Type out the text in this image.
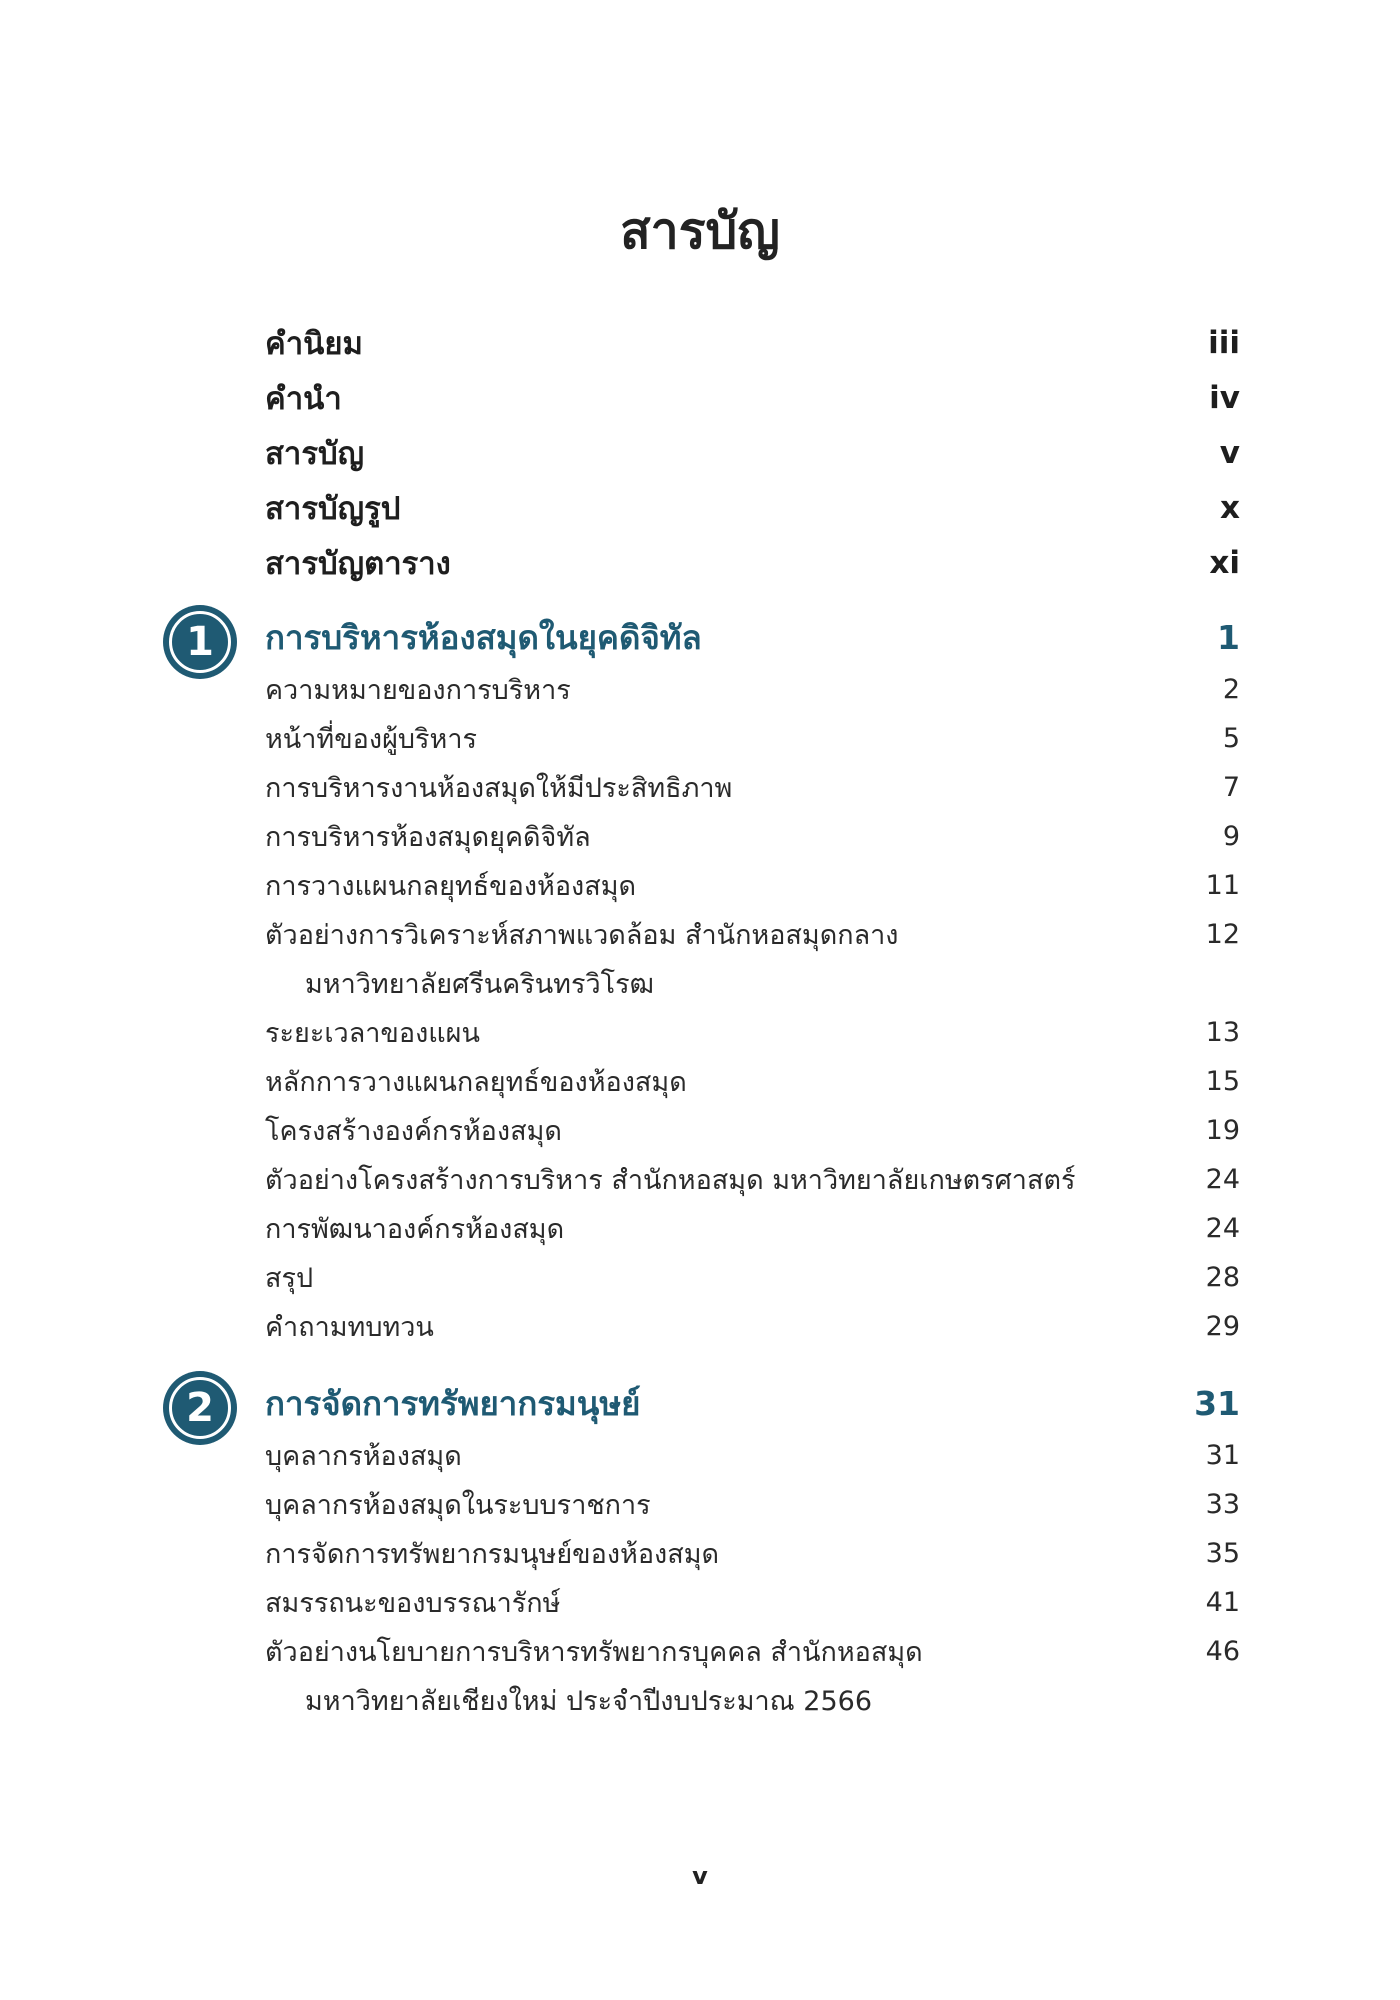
สารบัญ
1
2
คำนิยม	iii
คำนำ	iv
สารบัญ	v
สารบัญรูป	x
สารบัญตาราง	xi
การบริหารห้องสมุดในยุคดิจิทัล	1
ความหมายของการบริหาร	2
หน้าที่ของผู้บริหาร	5
การบริหารงานห้องสมุดให้มีประสิทธิภาพ	7
การบริหารห้องสมุดยุคดิจิทัล	9
การวางแผนกลยุทธ์ของห้องสมุด	11
ตัวอย่างการวิเคราะห์สภาพแวดล้อม สำนักหอสมุดกลาง	12
มหาวิทยาลัยศรีนครินทรวิโรฒ
ระยะเวลาของแผน	13
หลักการวางแผนกลยุทธ์ของห้องสมุด	15
โครงสร้างองค์กรห้องสมุด	19
ตัวอย่างโครงสร้างการบริหาร สำนักหอสมุด มหาวิทยาลัยเกษตรศาสตร์	24
การพัฒนาองค์กรห้องสมุด	24
สรุป	28
คำถามทบทวน	29
การจัดการทรัพยากรมนุษย์	31
บุคลากรห้องสมุด	31
บุคลากรห้องสมุดในระบบราชการ	33
การจัดการทรัพยากรมนุษย์ของห้องสมุด	35
สมรรถนะของบรรณารักษ์	41
ตัวอย่างนโยบายการบริหารทรัพยากรบุคคล สำนักหอสมุด	46
มหาวิทยาลัยเชียงใหม่ ประจำปีงบประมาณ 2566
v
